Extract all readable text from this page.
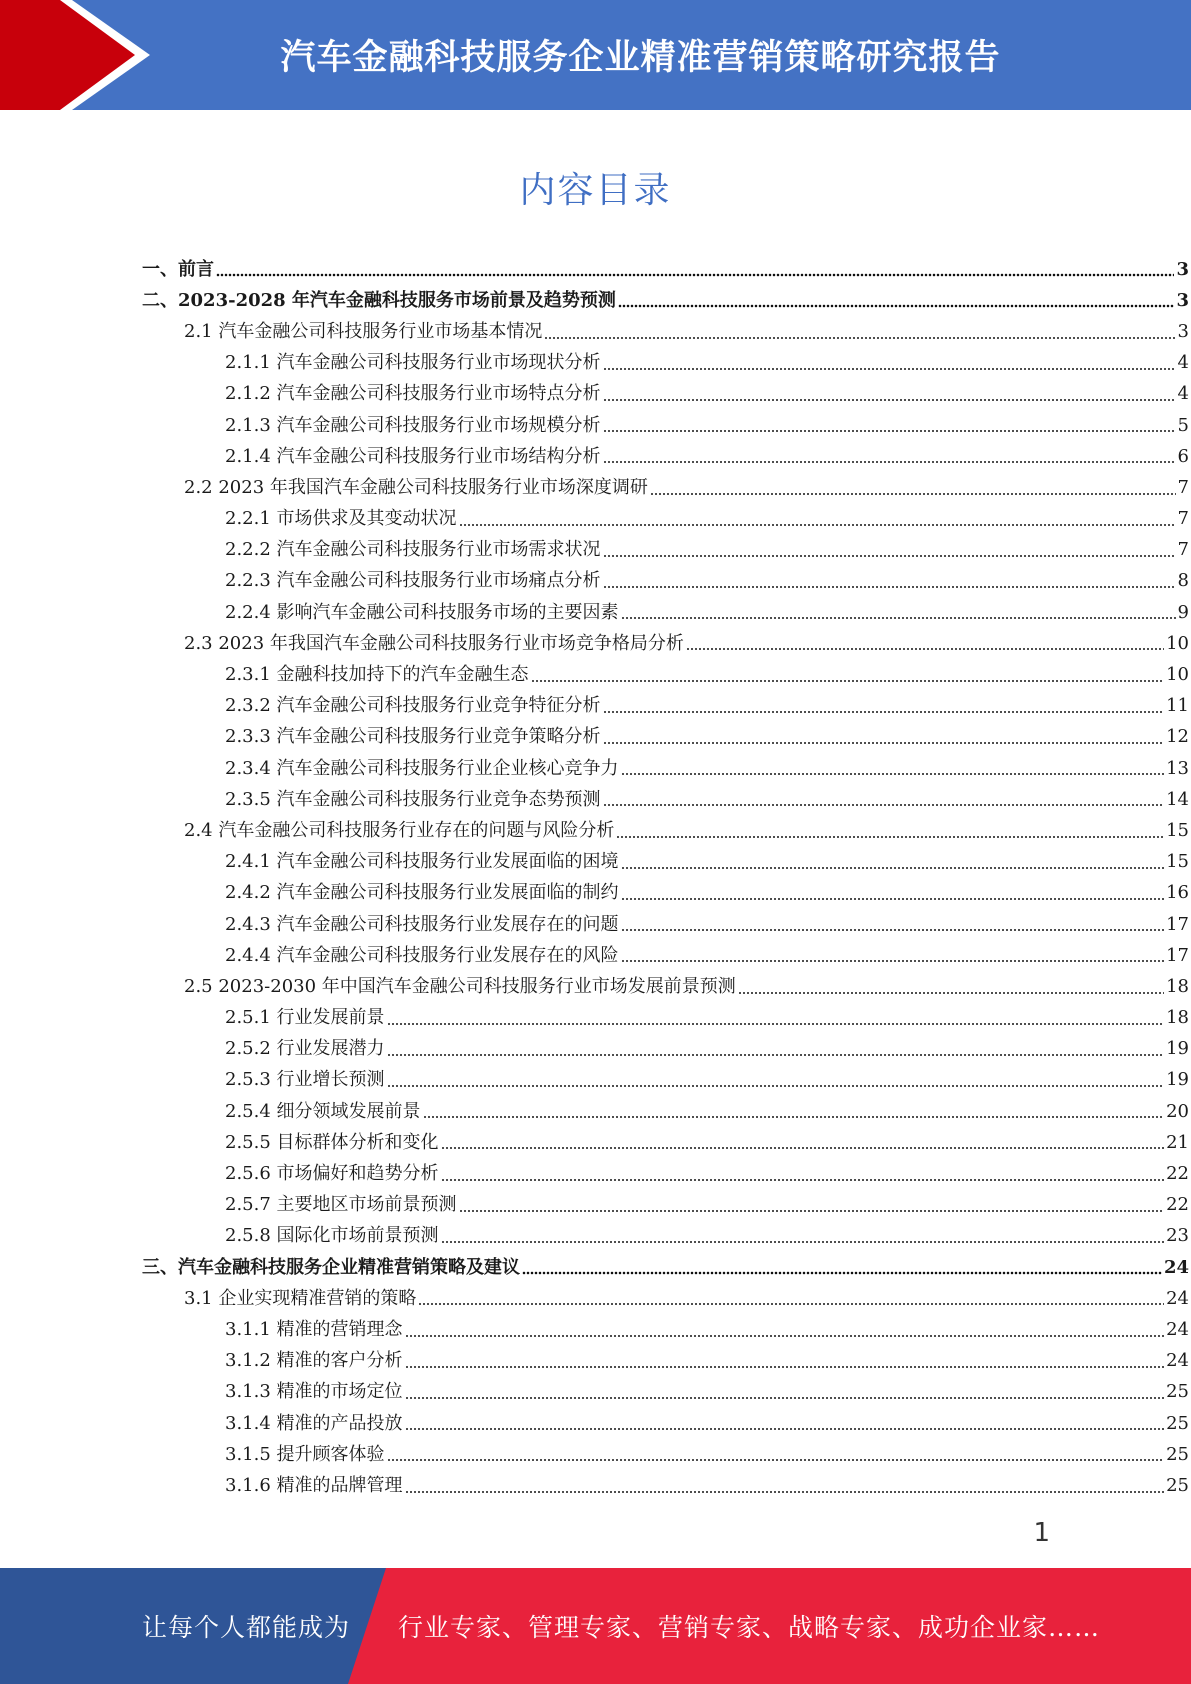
汽车金融科技服务企业精准营销策略研究报告
内容目录
一、前言	3
二、2023-2028 年汽车金融科技服务市场前景及趋势预测	3
2.1 汽车金融公司科技服务行业市场基本情况	3
2.1.1 汽车金融公司科技服务行业市场现状分析	4
2.1.2 汽车金融公司科技服务行业市场特点分析	4
2.1.3 汽车金融公司科技服务行业市场规模分析	5
2.1.4 汽车金融公司科技服务行业市场结构分析	6
2.2 2023 年我国汽车金融公司科技服务行业市场深度调研	7
2.2.1 市场供求及其变动状况	7
2.2.2 汽车金融公司科技服务行业市场需求状况	7
2.2.3 汽车金融公司科技服务行业市场痛点分析	8
2.2.4 影响汽车金融公司科技服务市场的主要因素	9
2.3 2023 年我国汽车金融公司科技服务行业市场竞争格局分析	10
2.3.1 金融科技加持下的汽车金融生态	10
2.3.2 汽车金融公司科技服务行业竞争特征分析	11
2.3.3 汽车金融公司科技服务行业竞争策略分析	12
2.3.4 汽车金融公司科技服务行业企业核心竞争力	13
2.3.5 汽车金融公司科技服务行业竞争态势预测	14
2.4 汽车金融公司科技服务行业存在的问题与风险分析	15
2.4.1 汽车金融公司科技服务行业发展面临的困境	15
2.4.2 汽车金融公司科技服务行业发展面临的制约	16
2.4.3 汽车金融公司科技服务行业发展存在的问题	17
2.4.4 汽车金融公司科技服务行业发展存在的风险	17
2.5 2023-2030 年中国汽车金融公司科技服务行业市场发展前景预测	18
2.5.1 行业发展前景	18
2.5.2 行业发展潜力	19
2.5.3 行业增长预测	19
2.5.4 细分领域发展前景	20
2.5.5 目标群体分析和变化	21
2.5.6 市场偏好和趋势分析	22
2.5.7 主要地区市场前景预测	22
2.5.8 国际化市场前景预测	23
三、汽车金融科技服务企业精准营销策略及建议	24
3.1 企业实现精准营销的策略	24
3.1.1 精准的营销理念	24
3.1.2 精准的客户分析	24
3.1.3 精准的市场定位	25
3.1.4 精准的产品投放	25
3.1.5 提升顾客体验	25
3.1.6 精准的品牌管理	25
1
让每个人都能成为 行业专家、管理专家、营销专家、战略专家、成功企业家……
